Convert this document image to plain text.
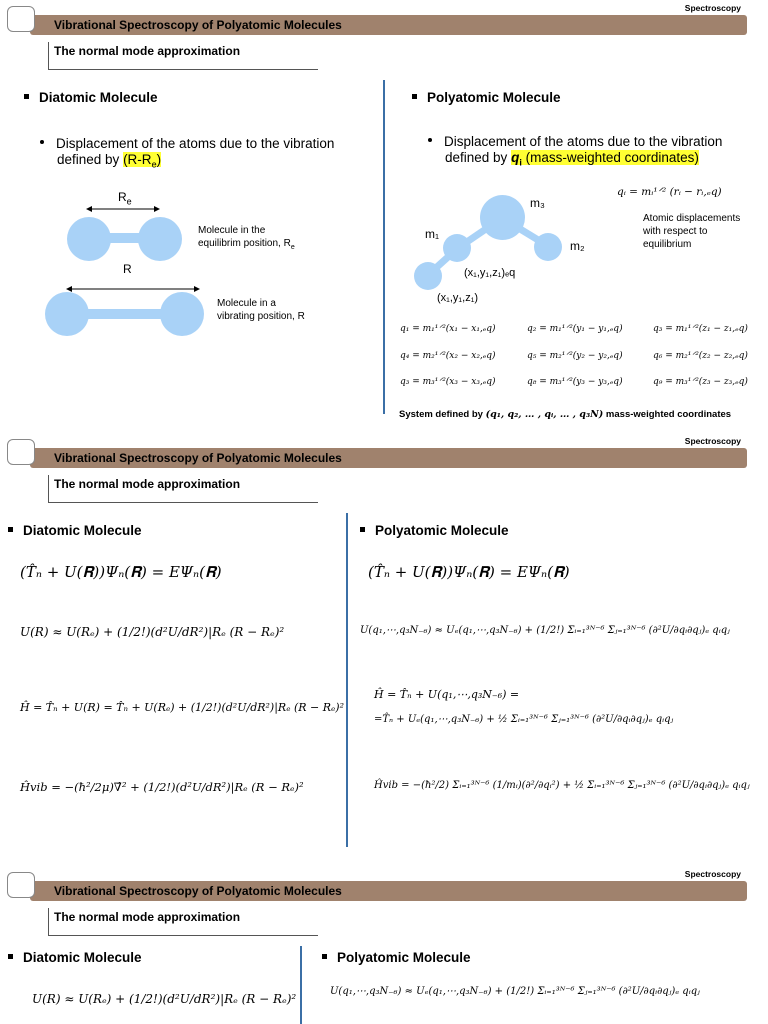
Spectroscopy
Vibrational Spectroscopy of Polyatomic Molecules
The normal mode approximation
Diatomic Molecule
Displacement of the atoms due to the vibration
defined by $(R-R_e)$
$R_e$
Molecule in the
equilibrim position, $R_e$
R
Molecule in a
vibrating position, R
Polyatomic Molecule
Displacement of the atoms due to the vibration
defined by $q_i$ (mass-weighted coordinates)
m₃
m₁
m₂
(x₁,y₁,z₁)ₑq
(x₁,y₁,z₁)
qᵢ = mᵢ¹ᐟ² (rᵢ − rᵢ,ₑq)
Atomic displacements
with respect to
equilibrium
q₁ = m₁¹ᐟ²(x₁ − x₁,ₑq)	q₂ = m₁¹ᐟ²(y₁ − y₁,ₑq)	q₃ = m₁¹ᐟ²(z₁ − z₁,ₑq)
q₄ = m₂¹ᐟ²(x₂ − x₂,ₑq)	q₅ = m₂¹ᐟ²(y₂ − y₂,ₑq)	q₆ = m₂¹ᐟ²(z₂ − z₂,ₑq)
q₃ = m₃¹ᐟ²(x₃ − x₃,ₑq)	q₈ = m₃¹ᐟ²(y₃ − y₃,ₑq)	q₉ = m₃¹ᐟ²(z₃ − z₃,ₑq)
System defined by (q₁, q₂, … , qᵢ, … , q₃N) mass-weighted coordinates
Spectroscopy
Vibrational Spectroscopy of Polyatomic Molecules
The normal mode approximation
Diatomic Molecule
(T̂ₙ + U(𝐑))Ψₙ(𝐑) = EΨₙ(𝐑)
U(R) ≈ U(Rₑ) + (1/2!)(d²U/dR²)|Rₑ (R − Rₑ)²
Ĥ = T̂ₙ + U(R) = T̂ₙ + U(Rₑ) + (1/2!)(d²U/dR²)|Rₑ (R − Rₑ)²
Ĥvib = −(ħ²/2μ)∇̂² + (1/2!)(d²U/dR²)|Rₑ (R − Rₑ)²
Polyatomic Molecule
(T̂ₙ + U(𝐑))Ψₙ(𝐑) = EΨₙ(𝐑)
U(q₁,⋯,q₃N₋₆) ≈ Uₑ(q₁,⋯,q₃N₋₆) + (1/2!) Σᵢ₌₁³ᴺ⁻⁶ Σⱼ₌₁³ᴺ⁻⁶ (∂²U/∂qᵢ∂qⱼ)ₑ qᵢqⱼ
Ĥ = T̂ₙ + U(q₁,⋯,q₃N₋₆) =
=T̂ₙ + Uₑ(q₁,⋯,q₃N₋₆) + ½ Σᵢ₌₁³ᴺ⁻⁶ Σⱼ₌₁³ᴺ⁻⁶ (∂²U/∂qᵢ∂qⱼ)ₑ qᵢqⱼ
Ĥvib = −(ħ²/2) Σᵢ₌₁³ᴺ⁻⁶ (1/mᵢ)(∂²/∂qᵢ²) + ½ Σᵢ₌₁³ᴺ⁻⁶ Σⱼ₌₁³ᴺ⁻⁶ (∂²U/∂qᵢ∂qⱼ)ₑ qᵢqⱼ
Spectroscopy
Vibrational Spectroscopy of Polyatomic Molecules
The normal mode approximation
Diatomic Molecule
U(R) ≈ U(Rₑ) + (1/2!)(d²U/dR²)|Rₑ (R − Rₑ)²
Polyatomic Molecule
U(q₁,⋯,q₃N₋₆) ≈ Uₑ(q₁,⋯,q₃N₋₆) + (1/2!) Σᵢ₌₁³ᴺ⁻⁶ Σⱼ₌₁³ᴺ⁻⁶ (∂²U/∂qᵢ∂qⱼ)ₑ qᵢqⱼ
